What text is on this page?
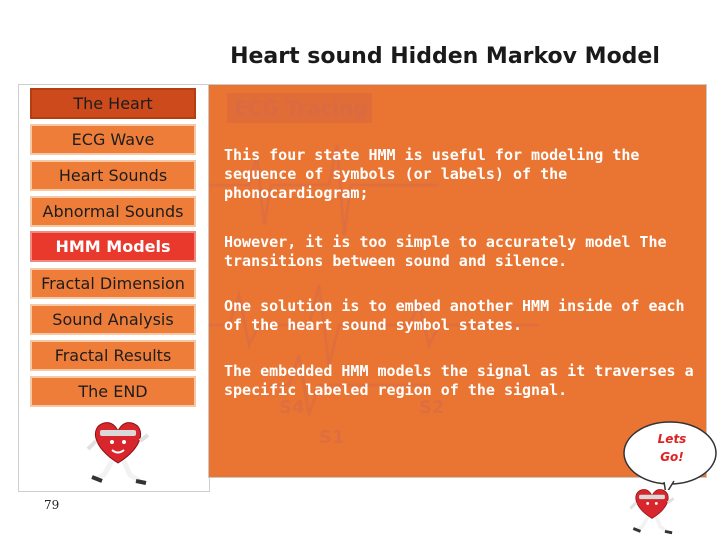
Heart sound Hidden Markov Model
The Heart
ECG Wave
Heart Sounds
Abnormal Sounds
HMM Models
Fractal Dimension
Sound Analysis
Fractal Results
The END
79
ECG Tracing
S4	S2
S1
This four state HMM is useful for modeling the sequence of symbols (or labels) of the phonocardiogram;
However, it is too simple to accurately model The transitions between sound and silence.
One solution is to embed another HMM inside of each of the heart sound symbol states.
The embedded HMM models the signal as it traverses a specific labeled region of the signal.
Lets
Go!
